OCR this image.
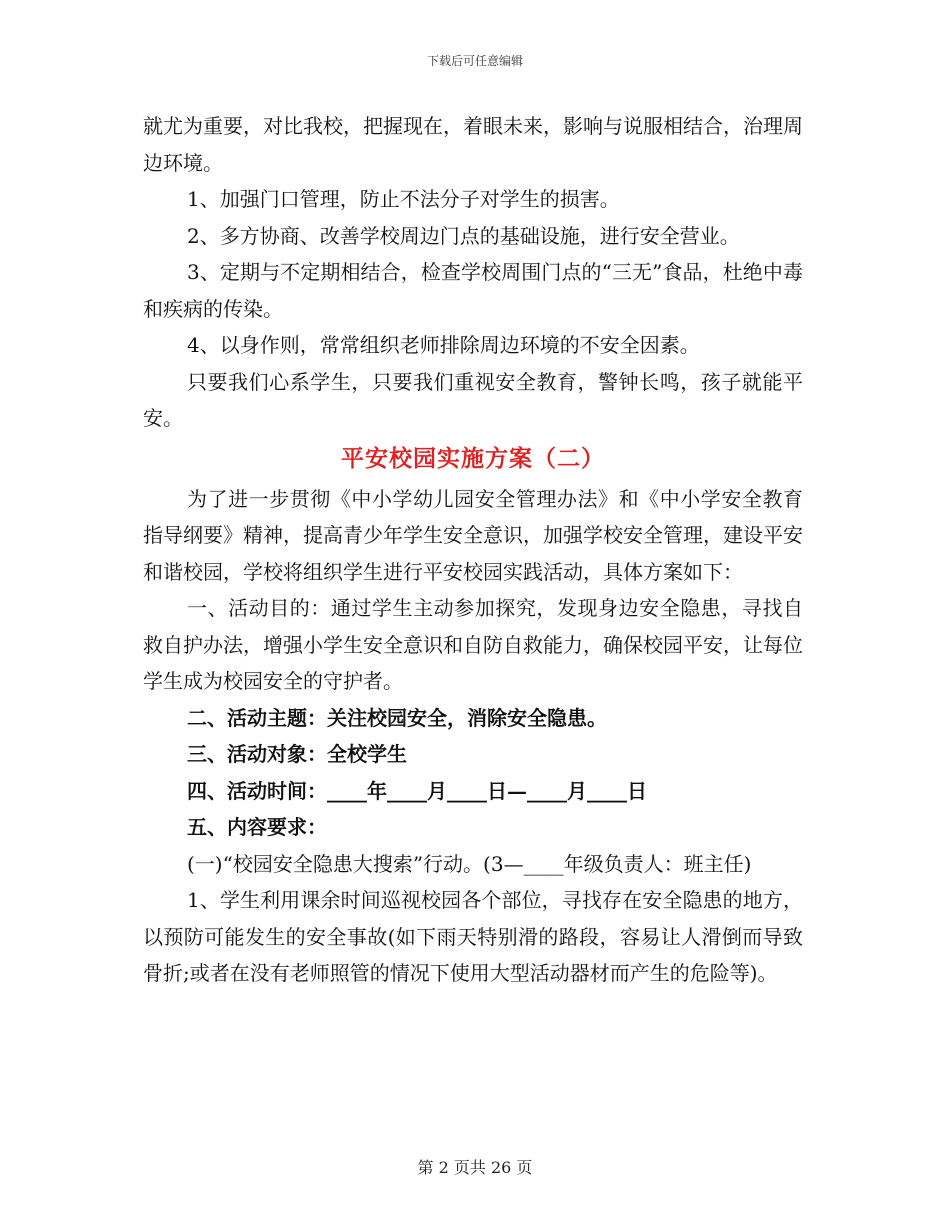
下载后可任意编辑

就尤为重要，对比我校，把握现在，着眼未来，影响与说服相结合，治理周边环境。

1、加强门口管理，防止不法分子对学生的损害。

2、多方协商、改善学校周边门点的基础设施，进行安全营业。

3、定期与不定期相结合，检查学校周围门点的“三无”食品，杜绝中毒和疾病的传染。

4、以身作则，常常组织老师排除周边环境的不安全因素。

只要我们心系学生，只要我们重视安全教育，警钟长鸣，孩子就能平安。

平安校园实施方案（二）

为了进一步贯彻《中小学幼儿园安全管理办法》和《中小学安全教育指导纲要》精神，提高青少年学生安全意识，加强学校安全管理，建设平安和谐校园，学校将组织学生进行平安校园实践活动，具体方案如下：

一、活动目的：通过学生主动参加探究，发现身边安全隐患，寻找自救自护办法，增强小学生安全意识和自防自救能力，确保校园平安，让每位学生成为校园安全的守护者。

二、活动主题：关注校园安全，消除安全隐患。

三、活动对象：全校学生

四、活动时间：____年____月____日—____月____日

五、内容要求：

(一)“校园安全隐患大搜索”行动。(3—____年级负责人：班主任)

1、学生利用课余时间巡视校园各个部位，寻找存在安全隐患的地方，以预防可能发生的安全事故(如下雨天特别滑的路段，容易让人滑倒而导致骨折;或者在没有老师照管的情况下使用大型活动器材而产生的危险等)。

第 2 页共 26 页
